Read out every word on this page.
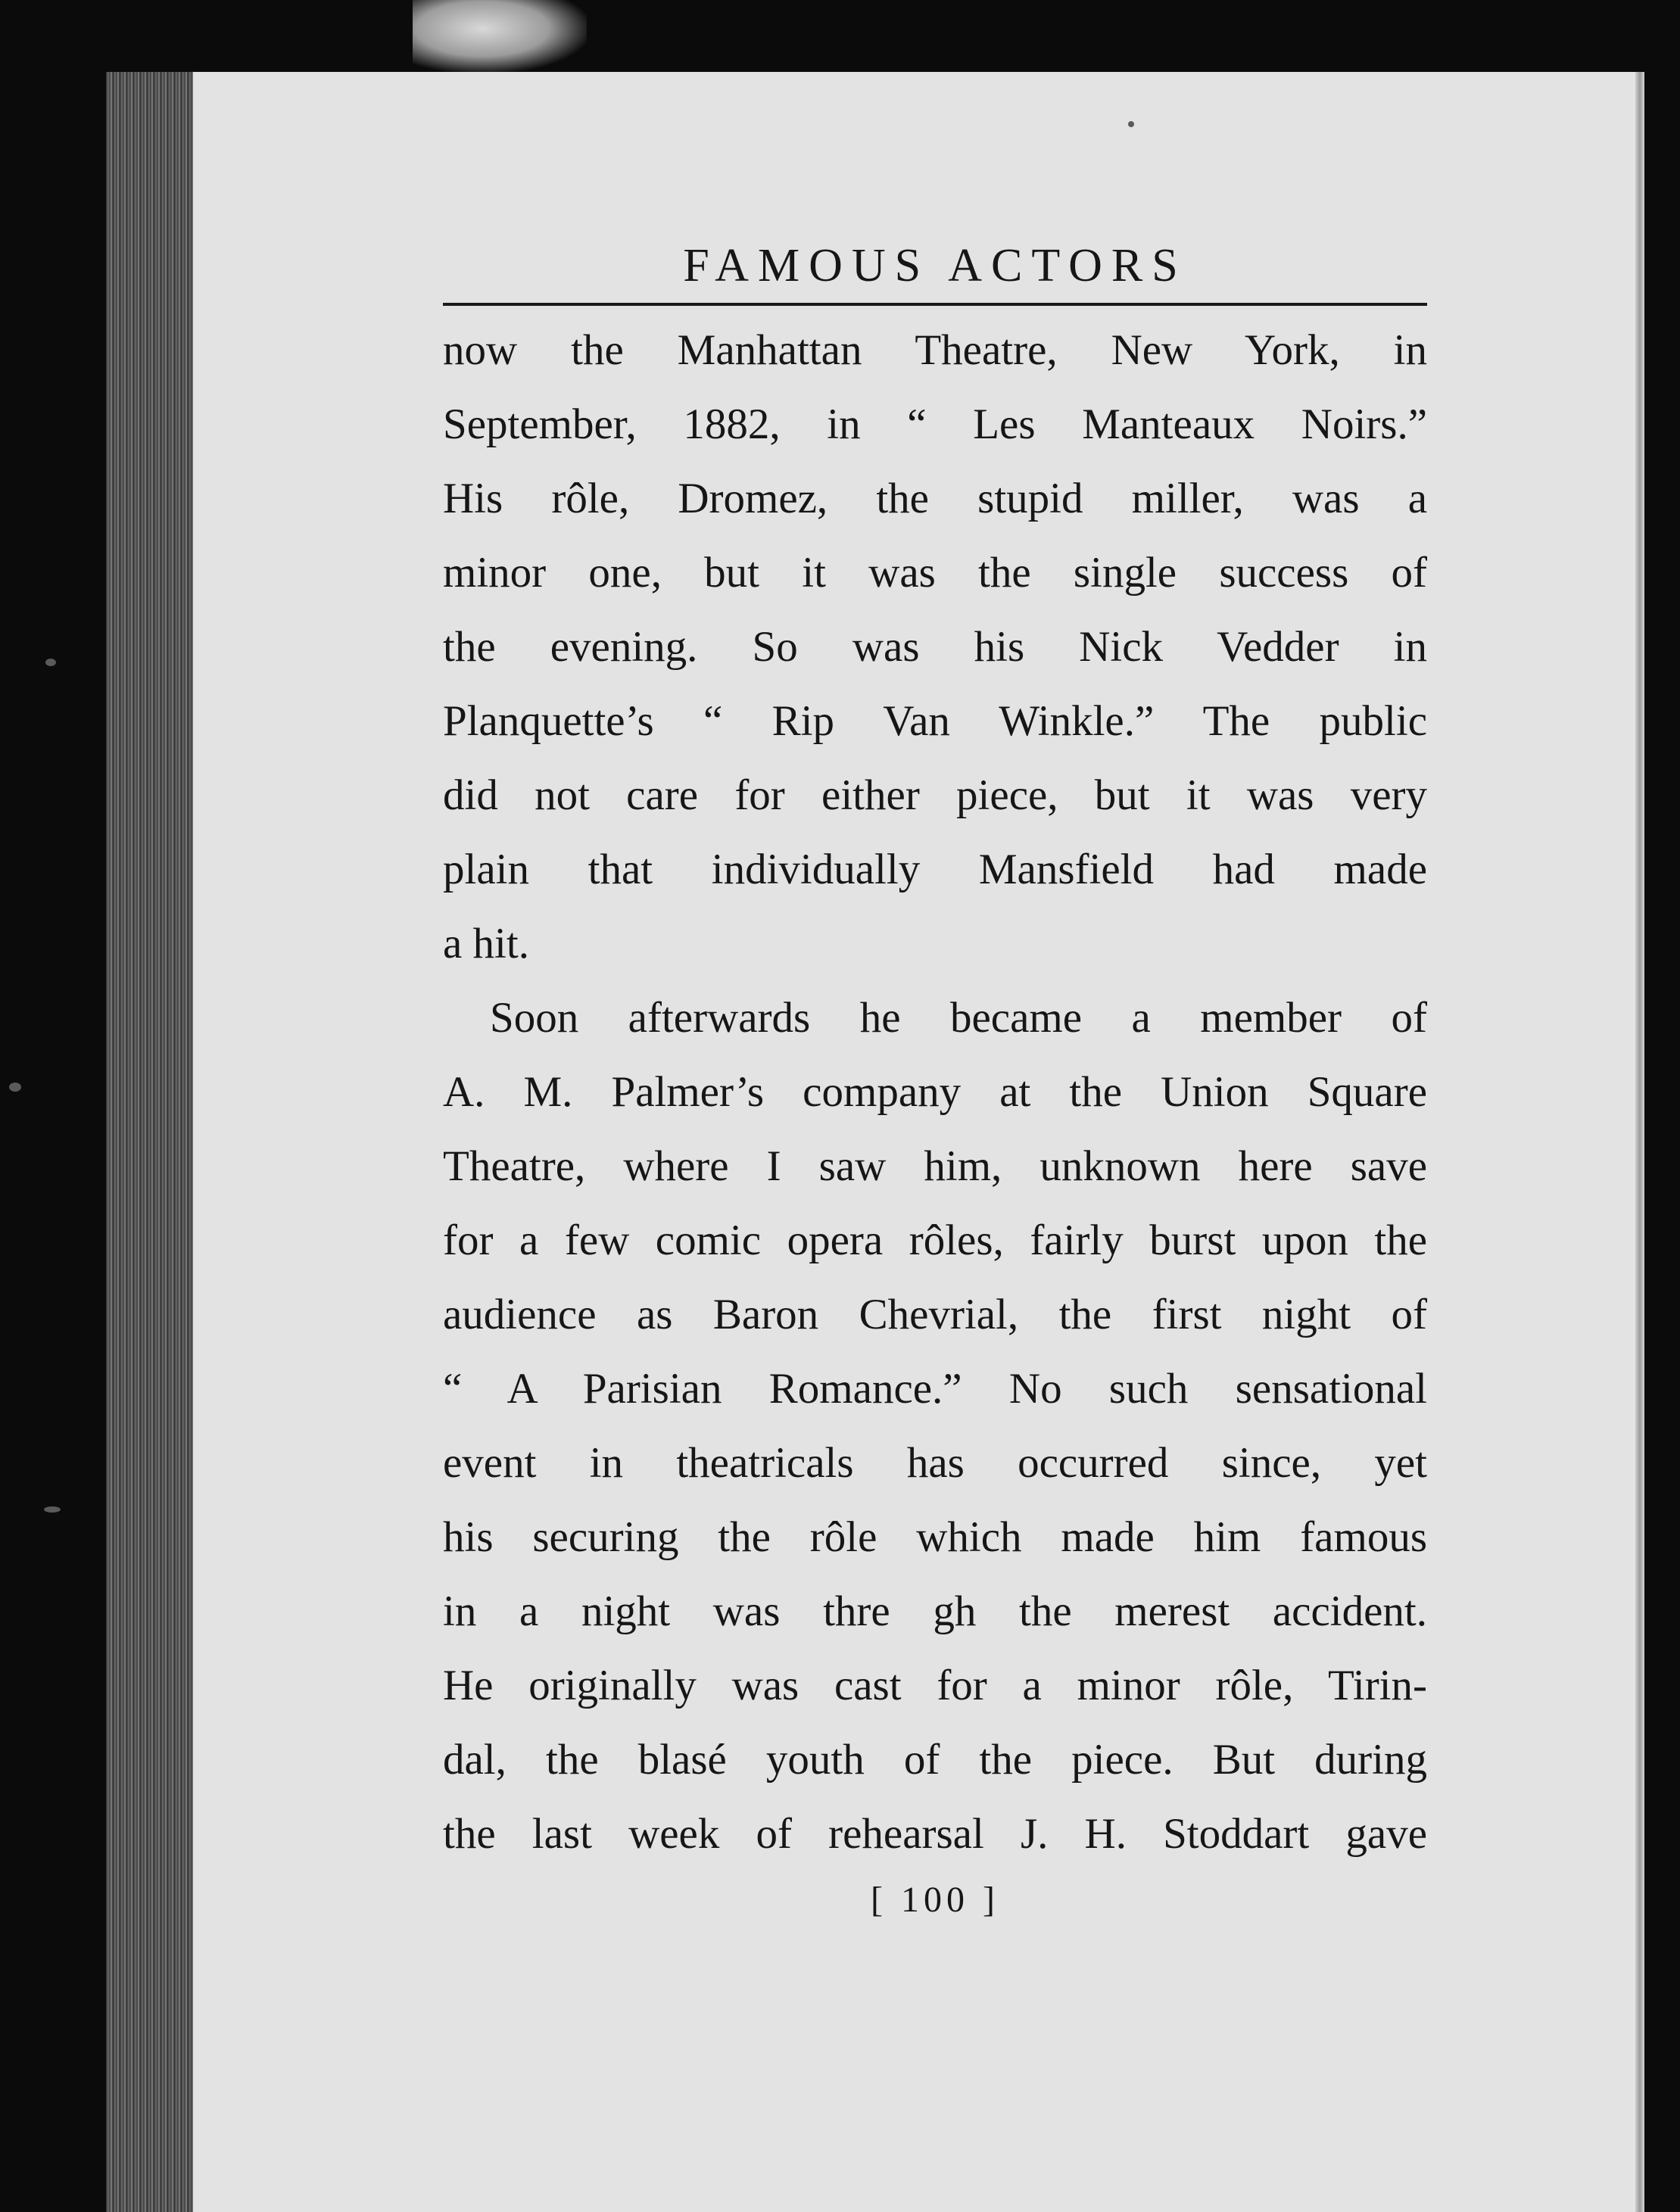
FAMOUS ACTORS
now the Manhattan Theatre, New York, in
September, 1882, in “ Les Manteaux Noirs.”
His rôle, Dromez, the stupid miller, was a
minor one, but it was the single success of
the evening. So was his Nick Vedder in
Planquette’s “ Rip Van Winkle.” The public
did not care for either piece, but it was very
plain that individually Mansfield had made
a hit.
Soon afterwards he became a member of
A. M. Palmer’s company at the Union Square
Theatre, where I saw him, unknown here save
for a few comic opera rôles, fairly burst upon the
audience as Baron Chevrial, the first night of
“ A Parisian Romance.” No such sensational
event in theatricals has occurred since, yet
his securing the rôle which made him famous
in a night was thre gh the merest accident.
He originally was cast for a minor rôle, Tirin-
dal, the blasé youth of the piece. But during
the last week of rehearsal J. H. Stoddart gave
[ 100 ]
